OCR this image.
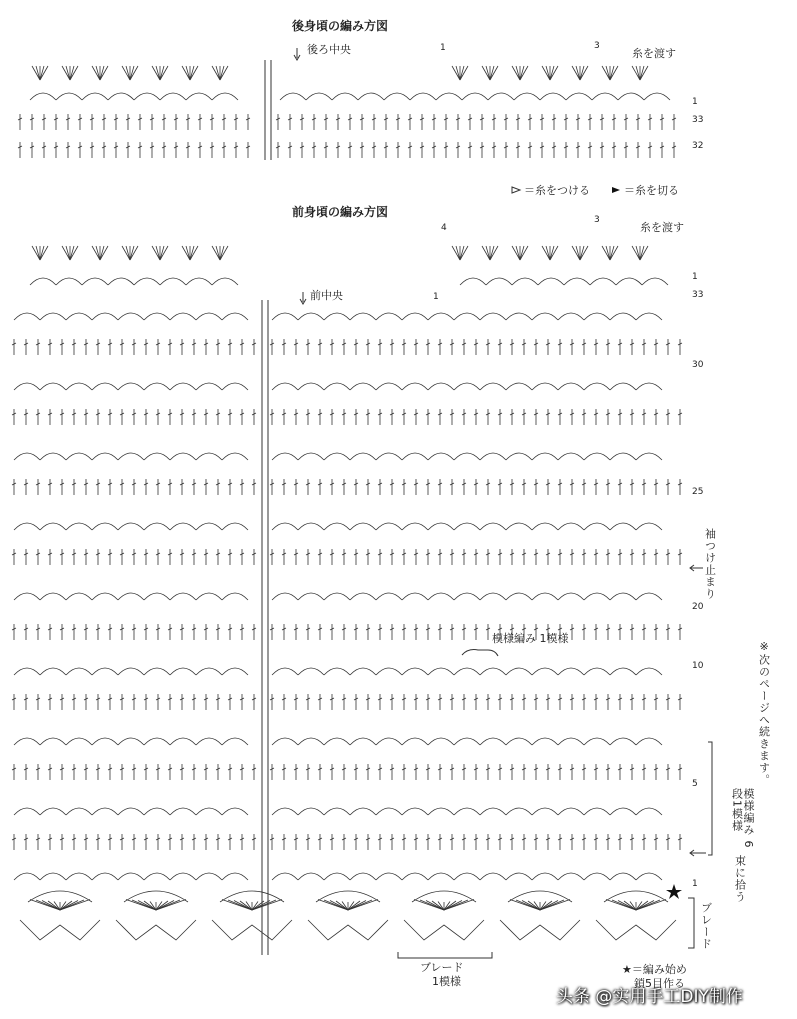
後身頃の編み方図
後ろ中央	糸を渡す
1	3
1
33
32
＝糸をつける	＝糸を切る
前身頃の編み方図
前中央
糸を渡す
3
4
1
1
33
30
25
20
10
5
1
袖つけ止まり
模様編み 1模様
模様編み 6段1模様
束に拾う
ブレード
ブレード
1模様
★＝編み始め
鎖5目作る
※次のページへ続きます。
头条 @实用手工DIY制作
